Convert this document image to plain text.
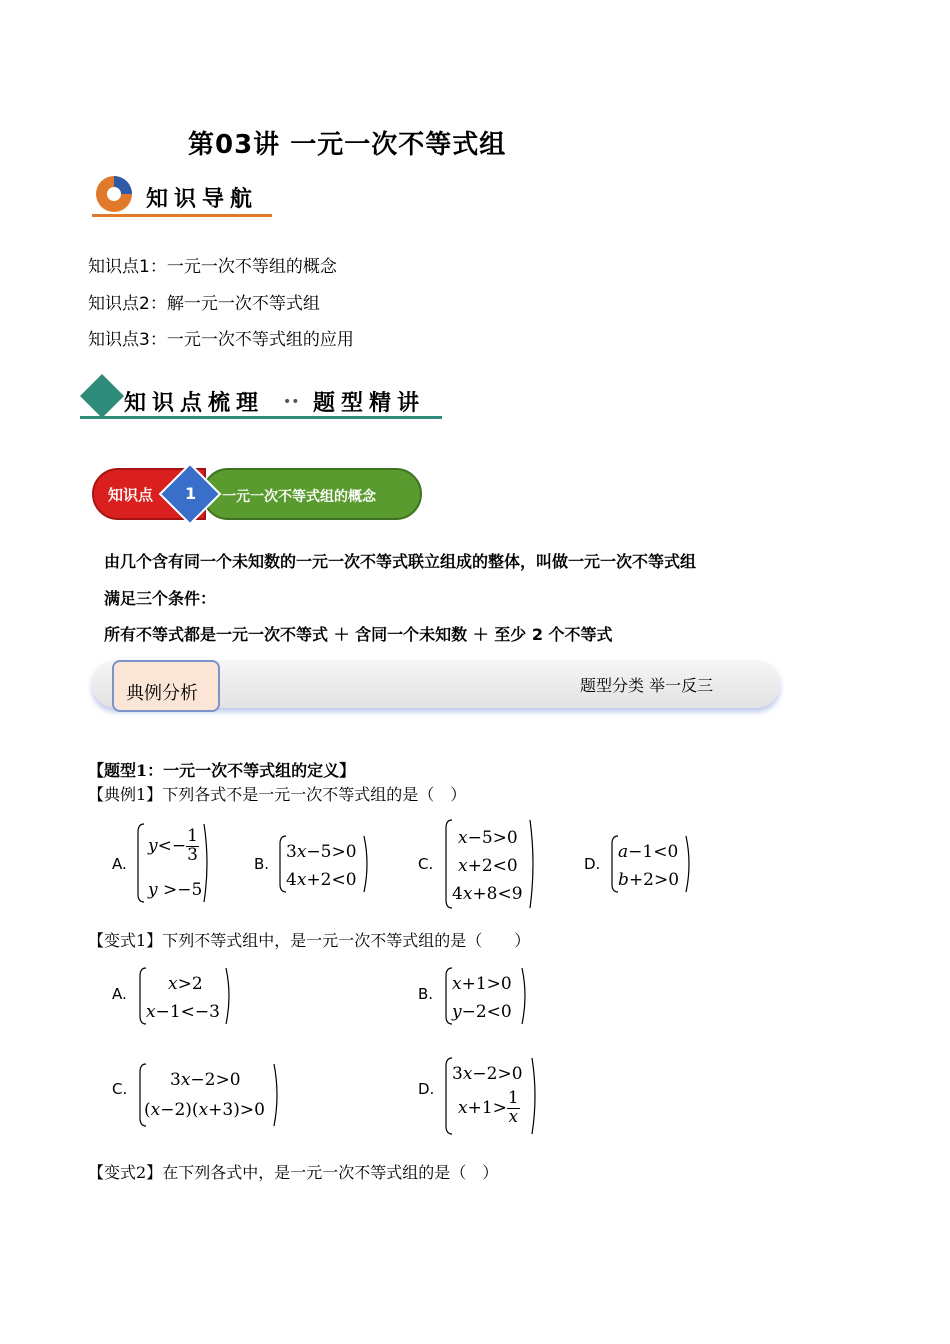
第03讲 一元一次不等式组
知识导航
知识点1：一元一次不等组的概念
知识点2：解一元一次不等式组
知识点3：一元一次不等式组的应用
知识点梳理 •• 题型精讲
知识点 1 一元一次不等式组的概念
由几个含有同一个未知数的一元一次不等式联立组成的整体，叫做一元一次不等式组
满足三个条件：
所有不等式都是一元一次不等式 ＋ 含同一个未知数 ＋ 至少 2 个不等式
典例分析	题型分类 举一反三
【题型1：一元一次不等式组的定义】
【典例1】下列各式不是一元一次不等式组的是（　）
A.
$y<- \frac{1}{3}$
y >−5
B.
3x−5>0
4x+2<0
C.
x−5>0
x+2<0
4x+8<9
D.
a−1<0
b+2>0
【变式1】下列不等式组中，是一元一次不等式组的是（　　）
A. x>2
x−1<−3
B. x+1>0
y−2<0
C.	3x−2>0
(x−2)(x+3)>0
D.
3x−2>0
$x+1> \frac{1}{x}$
【变式2】在下列各式中，是一元一次不等式组的是（　）
